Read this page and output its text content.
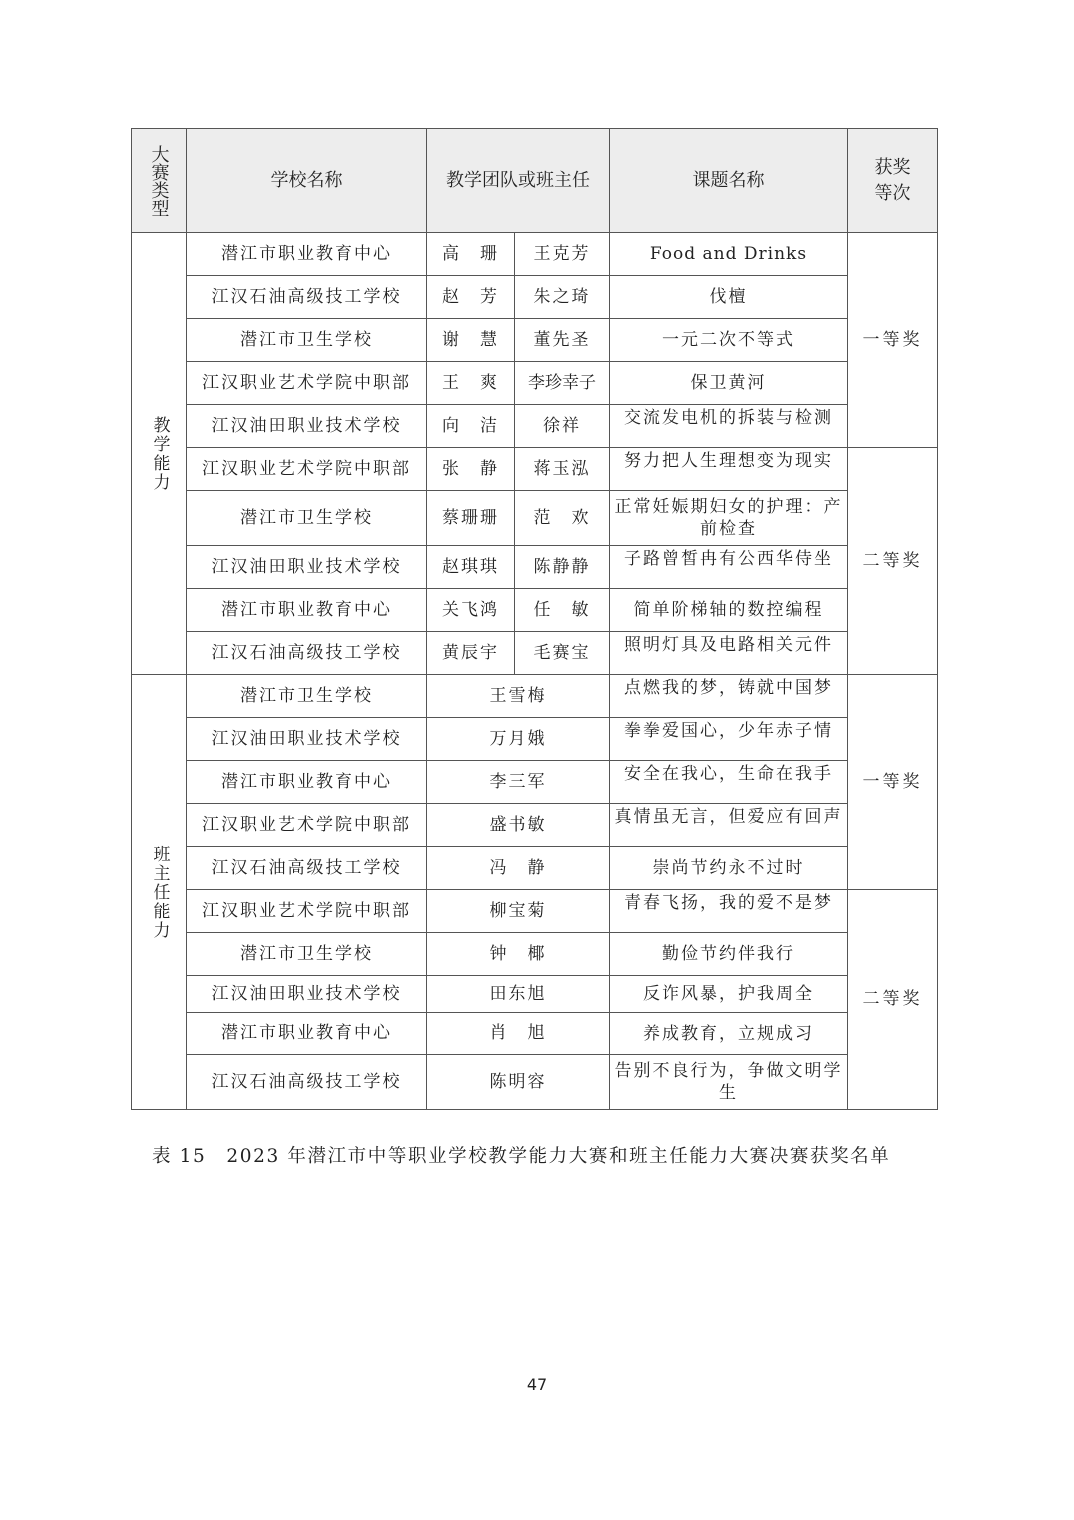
大赛类型	学校名称	教学团队或班主任		课题名称	获奖等次

教学能力	潜江市职业教育中心	高　珊	王克芳	Food and Drinks	一等奖
	江汉石油高级技工学校	赵　芳	朱之琦	伐檀	

	潜江市卫生学校	谢　慧	董先圣	一元二次不等式	

	江汉职业艺术学院中职部	王　爽	李珍幸子	保卫黄河	

	江汉油田职业技术学校	向　洁	徐祥	交流发电机的拆装与检测	

	江汉职业艺术学院中职部	张　静	蒋玉泓	努力把人生理想变为现实	二等奖
	潜江市卫生学校	蔡珊珊	范　欢	正常妊娠期妇女的护理：产前检查	

	江汉油田职业技术学校	赵琪琪	陈静静	子路曾皙冉有公西华侍坐	

	潜江市职业教育中心	关飞鸿	任　敏	简单阶梯轴的数控编程	

	江汉石油高级技工学校	黄辰宇	毛赛宝	照明灯具及电路相关元件	

班主任能力	潜江市卫生学校	王雪梅		点燃我的梦，铸就中国梦	一等奖
	江汉油田职业技术学校	万月娥		拳拳爱国心，少年赤子情	

	潜江市职业教育中心	李三军		安全在我心，生命在我手	

	江汉职业艺术学院中职部	盛书敏		真情虽无言，但爱应有回声	

	江汉石油高级技工学校	冯　静		崇尚节约永不过时	

	江汉职业艺术学院中职部	柳宝菊		青春飞扬，我的爱不是梦	二等奖
	潜江市卫生学校	钟　椰		勤俭节约伴我行	

	江汉油田职业技术学校	田东旭		反诈风暴，护我周全	

	潜江市职业教育中心	肖　旭		养成教育，立规成习	

	江汉石油高级技工学校	陈明容		告别不良行为，争做文明学生	
表 15　2023 年潜江市中等职业学校教学能力大赛和班主任能力大赛决赛获奖名单
47
